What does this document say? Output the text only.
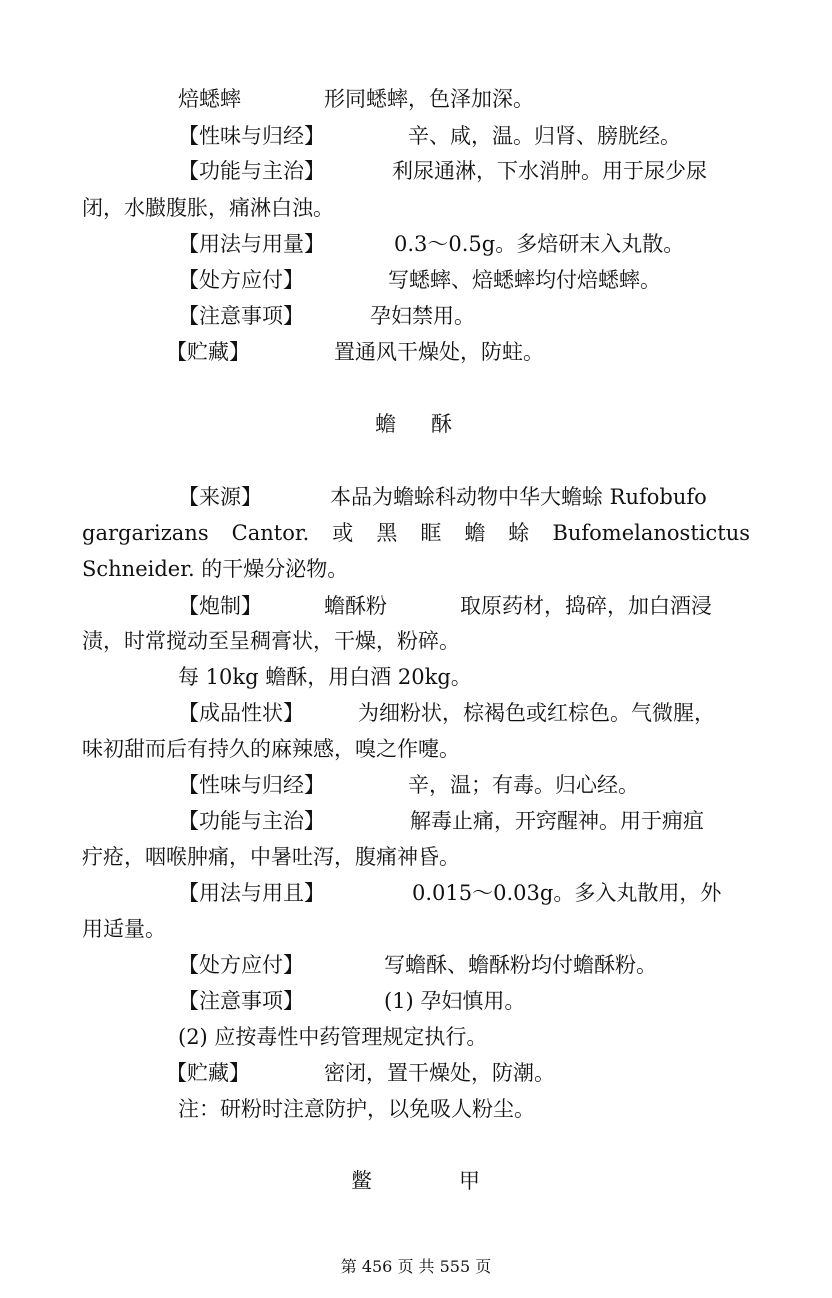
焙蟋蟀	形同蟋蟀，色泽加深。
【性味与归经】	辛、咸，温。归肾、膀胱经。
【功能与主治】	利尿通淋，下水消肿。用于尿少尿
闭，水臌腹胀，痛淋白浊。
【用法与用量】	0.3～0.5g。多焙研末入丸散。
【处方应付】	写蟋蟀、焙蟋蟀均付焙蟋蟀。
【注意事项】	孕妇禁用。
【贮藏】	置通风干燥处，防蛀。
蟾 酥
【来源】	本品为蟾蜍科动物中华大蟾蜍 Rufobufo
gargarizans Cantor. 或 黑 眶 蟾 蜍 Bufomelanostictus
Schneider. 的干燥分泌物。
【炮制】	蟾酥粉	取原药材，捣碎，加白酒浸
渍，时常搅动至呈稠膏状，干燥，粉碎。
每 10kg 蟾酥，用白酒 20kg。
【成品性状】	为细粉状，棕褐色或红棕色。气微腥，
味初甜而后有持久的麻辣感，嗅之作嚏。
【性味与归经】	辛，温；有毒。归心经。
【功能与主治】	解毒止痛，开窍醒神。用于痈疽
疔疮，咽喉肿痛，中暑吐泻，腹痛神昏。
【用法与用且】	0.015～0.03g。多入丸散用，外
用适量。
【处方应付】	写蟾酥、蟾酥粉均付蟾酥粉。
【注意事项】	(1) 孕妇慎用。
(2) 应按毒性中药管理规定执行。
【贮藏】	密闭，置干燥处，防潮。
注：研粉时注意防护，以免吸人粉尘。
鳖	甲
第 456 页 共 555 页
